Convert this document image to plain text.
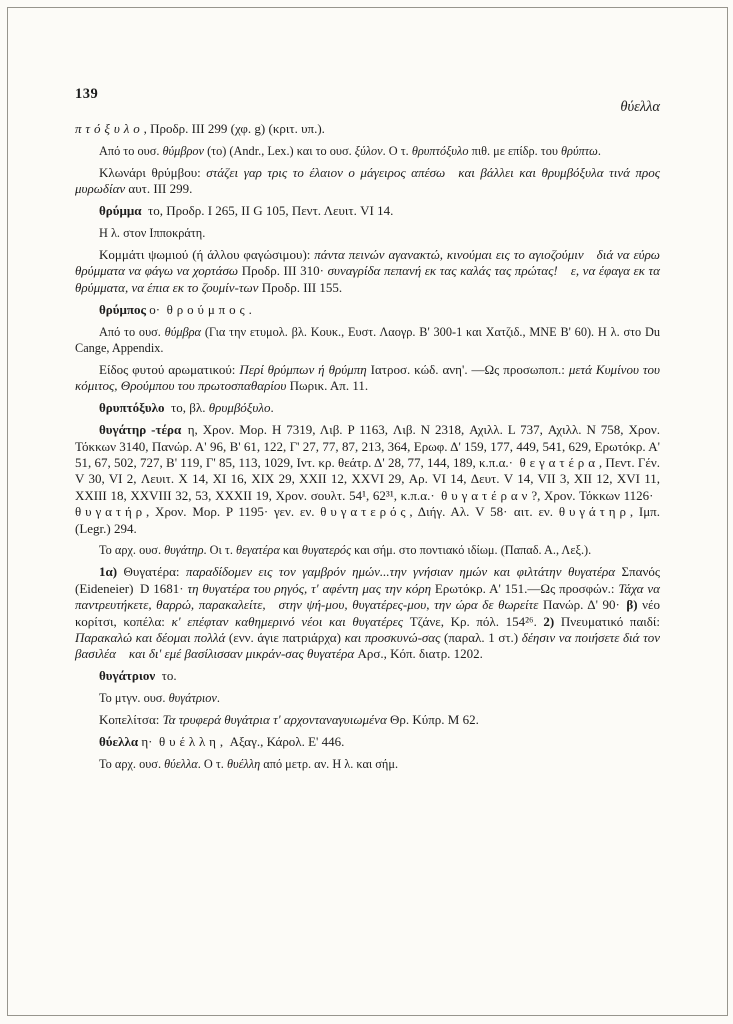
139
θύελλα

πτόξυλο, Προδρ. III 299 (χφ. g) (κριτ. υπ.).

Από το ουσ. θύμβρον (το) (Andr., Lex.) και το ουσ. ξύλον. Ο τ. θρυπτόξυλο πιθ. με επίδρ. του θρύπτω.

Κλωνάρι θρύμβου: στάζει γαρ τρις το έλαιον ο μάγειρος απέσω και βάλλει και θρυμβόξυλα τινά προς μυρωδίαν αυτ. III 299.

θρύμμα το, Προδρ. I 265, II G 105, Πεντ. Λευιτ. VI 14.

Η λ. στον Ιπποκράτη.

Κομμάτι ψωμιού (ή άλλου φαγώσιμου): πάντα πεινών αγανακτώ, κινούμαι εις το αγιοζούμιν διά να εύρω θρύμματα να φάγω να χορτάσω Προδρ. III 310· συναγρίδα πεπανή εκ τας καλάς τας πρώτας! ε, να έφαγα εκ τα θρύμματα, να έπια εκ το ζουμίν-των Προδρ. III 155.

θρύμπος ο· θρούμπος.

Από το ουσ. θύμβρα (Για την ετυμολ. βλ. Κουκ., Ευστ. Λαογρ. Β' 300-1 και Χατζιδ., ΜΝΕ Β' 60). Η λ. στο Du Cange, Appendix.

Είδος φυτού αρωματικού: Περί θρύμπων ή θρύμπη Ιατροσ. κώδ. ανη'. —Ως προσωποπ.: μετά Κυμίνου του κόμιτος, Θρούμπου του πρωτοσπαθαρίου Πωρικ. Απ. 11.

θρυπτόξυλο το, βλ. θρυμβόξυλο.

θυγάτηρ -τέρα η, Χρον. Μορ. Η 7319, Λιβ. P 1163, Λιβ. N 2318, Αχιλλ. L 737, Αχιλλ. N 758, Χρον. Τόκκων 3140, Πανώρ. Α' 96, Β' 61, 122, Γ' 27, 77, 87, 213, 364, Ερωφ. Δ' 159, 177, 449, 541, 629, Ερωτόκρ. Α' 51, 67, 502, 727, Β' 119, Γ' 85, 113, 1029, Ιντ. κρ. θεάτρ. Δ' 28, 77, 144, 189, κ.π.α.· θεγατέρα, Πεντ. Γέν. V 30, VI 2, Λευιτ. X 14, XI 16, XIX 29, XXII 12, XXVI 29, Αρ. VI 14, Δευτ. V 14, VII 3, XII 12, XVI 11, XXIII 18, XXVIII 32, 53, XXXII 19, Χρον. σουλτ. 54¹, 62³¹, κ.π.α.· θυγατέραν?, Χρον. Τόκκων 1126· θυγατήρ, Χρον. Μορ. P 1195· γεν. εν. θυγατερός, Διήγ. Αλ. V 58· αιτ. εν. θυγάτηρ, Ιμπ. (Legr.) 294.

Το αρχ. ουσ. θυγάτηρ. Οι τ. θεγατέρα και θυγατερός και σήμ. στο ποντιακό ιδίωμ. (Παπαδ. Α., Λεξ.).

1α) Θυγατέρα: παραδίδομεν εις τον γαμβρόν ημών...την γνήσιαν ημών και φιλτάτην θυγατέρα Σπανός (Eideneier) D 1681· τη θυγατέρα του ρηγός, τ' αφέντη μας την κόρη Ερωτόκρ. Α' 151.—Ως προσφών.: Τάχα να παντρευτήκετε, θαρρώ, παρακαλείτε, στην ψή-μου, θυγατέρες-μου, την ώρα δε θωρείτε Πανώρ. Δ' 90· β) νέο κορίτσι, κοπέλα: κ' επέφταν καθημερινό νέοι και θυγατέρες Τζάνε, Κρ. πόλ. 154²⁶. 2) Πνευματικό παιδί: Παρακαλώ και δέομαι πολλά (ενν. άγιε πατριάρχα) και προσκυνώ-σας (παραλ. 1 στ.) δέησιν να ποιήσετε διά τον βασιλέα και δι' εμέ βασίλισσαν μικράν-σας θυγατέρα Αρσ., Κόπ. διατρ. 1202.

θυγάτριον το.

Το μτγν. ουσ. θυγάτριον.

Κοπελίτσα: Τα τρυφερά θυγάτρια τ' αρχονταναγυιωμένα Θρ. Κύπρ. Μ 62.

θύελλα η· θυέλλη, Αξαγ., Κάρολ. Ε' 446.

Το αρχ. ουσ. θύελλα. Ο τ. θυέλλη από μετρ. αν. Η λ. και σήμ.
